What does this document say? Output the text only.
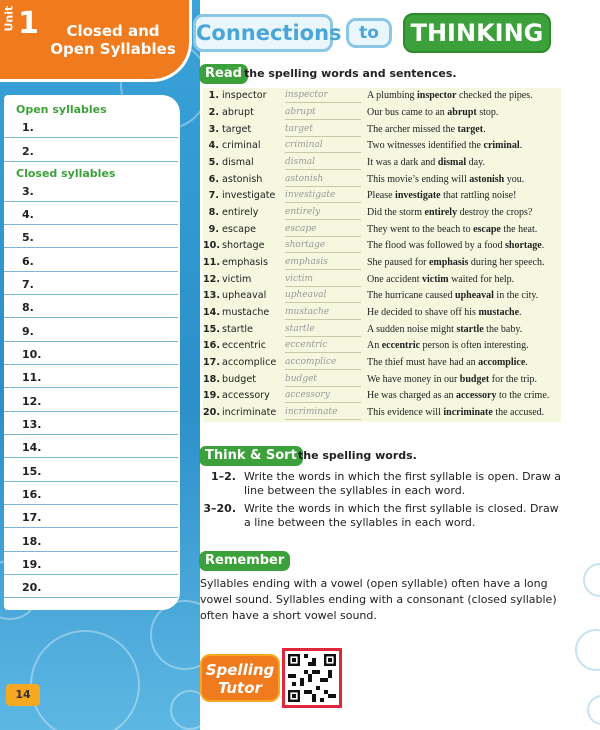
Unit 1	Closed and Open Syllables
Open syllables
1.
2.
Closed syllables
3.
4.
5.
6.
7.
8.
9.
10.
11.
12.
13.
14.
15.
16.
17.
18.
19.
20.
14
Connections	to	THINKING
Read the spelling words and sentences.
1. inspector	inspector	A plumbing inspector checked the pipes.
2. abrupt	abrupt	Our bus came to an abrupt stop.
3. target	target	The archer missed the target.
4. criminal	criminal	Two witnesses identified the criminal.
5. dismal	dismal	It was a dark and dismal day.
6. astonish	astonish	This movie’s ending will astonish you.
7. investigate	investigate	Please investigate that rattling noise!
8. entirely	entirely	Did the storm entirely destroy the crops?
9. escape	escape	They went to the beach to escape the heat.
10. shortage	shortage	The flood was followed by a food shortage.
11. emphasis	emphasis	She paused for emphasis during her speech.
12. victim	victim	One accident victim waited for help.
13. upheaval	upheaval	The hurricane caused upheaval in the city.
14. mustache	mustache	He decided to shave off his mustache.
15. startle	startle	A sudden noise might startle the baby.
16. eccentric	eccentric	An eccentric person is often interesting.
17. accomplice accomplice	The thief must have had an accomplice.
18. budget	budget	We have money in our budget for the trip.
19. accessory	accessory	He was charged as an accessory to the crime.
20. incriminate incriminate	This evidence will incriminate the accused.
Think & Sort the spelling words.
1–2. Write the words in which the first syllable is open. Draw a line between the syllables in each word.
3–20. Write the words in which the first syllable is closed. Draw a line between the syllables in each word.
Remember
Syllables ending with a vowel (open syllable) often have a long vowel sound. Syllables ending with a consonant (closed syllable) often have a short vowel sound.
Spelling
Tutor
